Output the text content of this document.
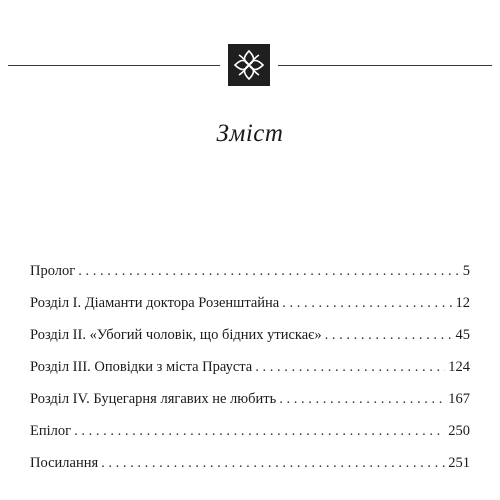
Зміст
Пролог . . .	5
Розділ I. Діаманти доктора Розенштайна . . .	12
Розділ II. «Убогий чоловік, що бідних утискає» . . .	45
Розділ III. Оповідки з міста Прауста . . .	124
Розділ IV. Буцегарня лягавих не любить . . .	167
Епілог . . .	250
Посилання . . .	251
